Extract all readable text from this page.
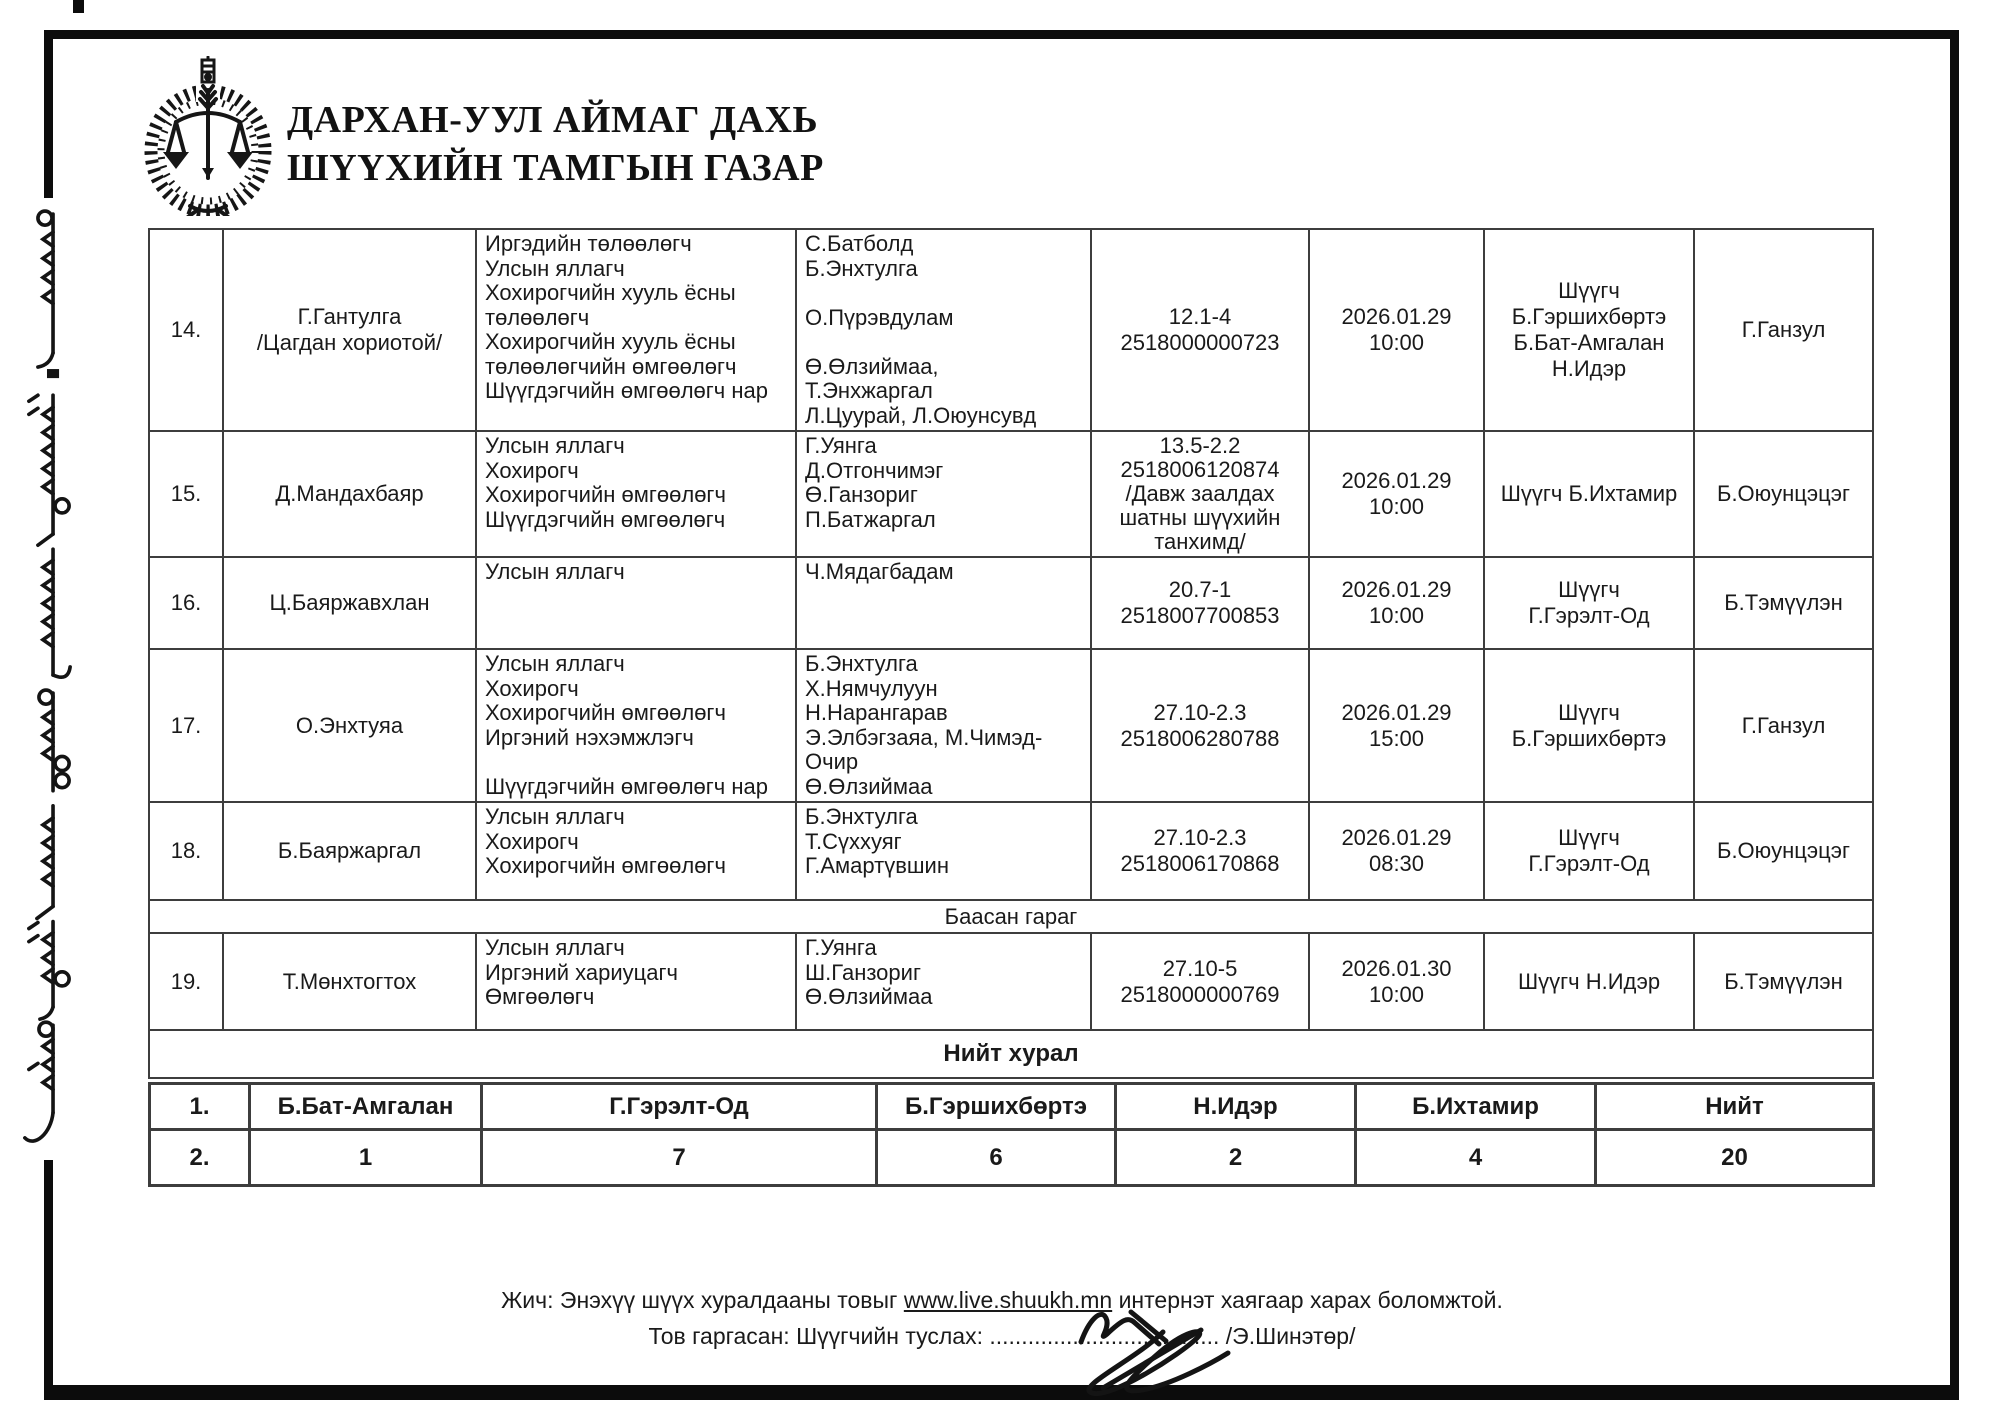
ДАРХАН-УУЛ АЙМАГ ДАХЬ
ШҮҮХИЙН ТАМГЫН ГАЗАР
14.	Г.Гантулга
/Цагдан хориотой/	Иргэдийн төлөөлөгч
Улсын яллагч
Хохирогчийн хууль ёсны
төлөөлөгч
Хохирогчийн хууль ёсны
төлөөлөгчийн өмгөөлөгч
Шүүгдэгчийн өмгөөлөгч нар	С.Батболд
Б.Энхтулга

О.Пүрэвдулам

Ө.Өлзиймаа,
Т.Энхжаргал
Л.Цуурай, Л.Оюунсувд	12.1-4
2518000000723	2026.01.29
10:00	Шүүгч
Б.Гэршихбөртэ
Б.Бат-Амгалан
Н.Идэр	Г.Ганзул
15.	Д.Мандахбаяр	Улсын яллагч
Хохирогч
Хохирогчийн өмгөөлөгч
Шүүгдэгчийн өмгөөлөгч	Г.Уянга
Д.Отгончимэг
Ө.Ганзориг
П.Батжаргал	13.5-2.2
2518006120874
/Давж заалдах
шатны шүүхийн
танхимд/	2026.01.29
10:00	Шүүгч Б.Ихтамир	Б.Оюунцэцэг
16.	Ц.Баяржавхлан	Улсын яллагч	Ч.Мядагбадам	20.7-1
2518007700853	2026.01.29
10:00	Шүүгч
Г.Гэрэлт-Од	Б.Тэмүүлэн
17.	О.Энхтуяа	Улсын яллагч
Хохирогч
Хохирогчийн өмгөөлөгч
Иргэний нэхэмжлэгч

Шүүгдэгчийн өмгөөлөгч нар	Б.Энхтулга
Х.Нямчулуун
Н.Нарангарав
Э.Элбэгзаяа, М.Чимэд-
Очир
Ө.Өлзиймаа	27.10-2.3
2518006280788	2026.01.29
15:00	Шүүгч
Б.Гэршихбөртэ	Г.Ганзул
18.	Б.Баяржаргал	Улсын яллагч
Хохирогч
Хохирогчийн өмгөөлөгч	Б.Энхтулга
Т.Сүххуяг
Г.Амартүвшин	27.10-2.3
2518006170868	2026.01.29
08:30	Шүүгч
Г.Гэрэлт-Од	Б.Оюунцэцэг
Баасан гараг							
19.	Т.Мөнхтогтох	Улсын яллагч
Иргэний хариуцагч
Өмгөөлөгч	Г.Уянга
Ш.Ганзориг
Ө.Өлзиймаа	27.10-5
2518000000769	2026.01.30
10:00	Шүүгч Н.Идэр	Б.Тэмүүлэн
Нийт хурал							
1.	Б.Бат-Амгалан	Г.Гэрэлт-Од	Б.Гэршихбөртэ	Н.Идэр	Б.Ихтамир	Нийт
2.	1	7	6	2	4	20
Жич: Энэхүү шүүх хуралдааны товыг www.live.shuukh.mn интернэт хаягаар харах боломжтой.
Тов гаргасан: Шүүгчийн туслах: .................................... /Э.Шинэтөр/
